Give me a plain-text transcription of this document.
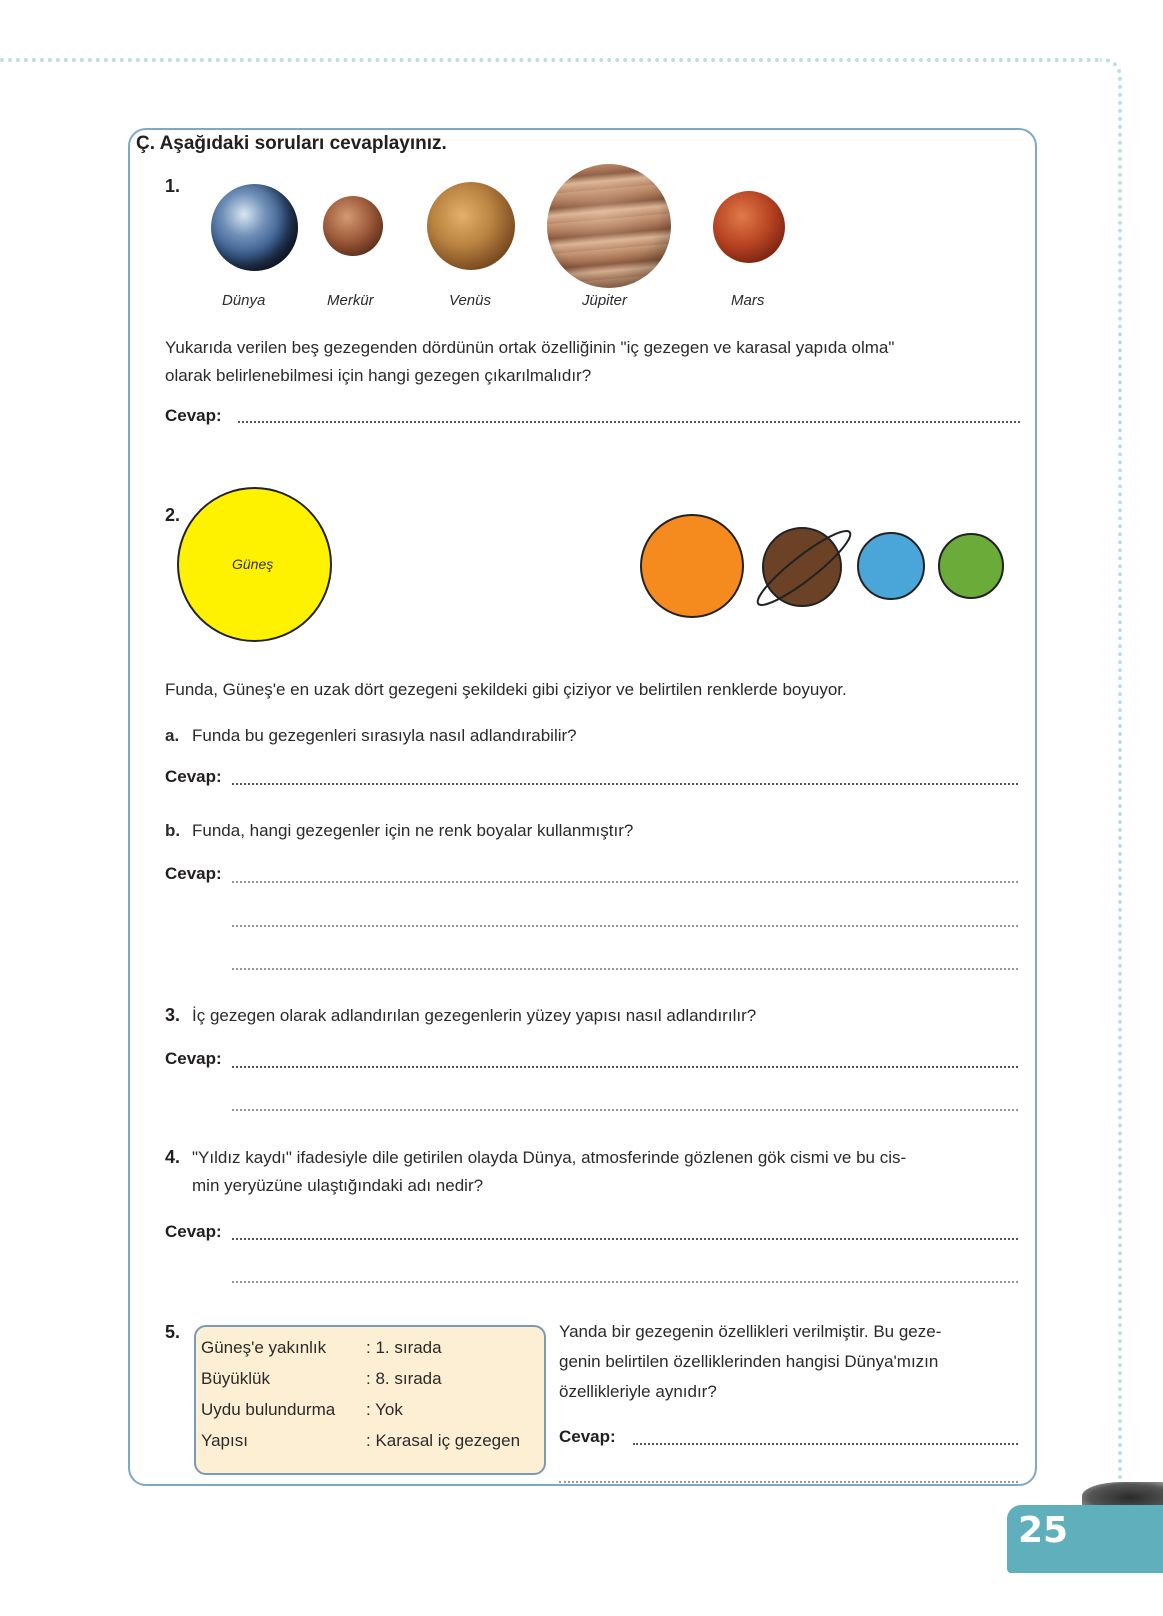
Ç. Aşağıdaki soruları cevaplayınız.
1.
Dünya	Merkür	Venüs	Jüpiter	Mars
Yukarıda verilen beş gezegenden dördünün ortak özelliğinin "iç gezegen ve karasal yapıda olma"
olarak belirlenebilmesi için hangi gezegen çıkarılmalıdır?
Cevap:
2.
Güneş
Funda, Güneş'e en uzak dört gezegeni şekildeki gibi çiziyor ve belirtilen renklerde boyuyor.
a. Funda bu gezegenleri sırasıyla nasıl adlandırabilir?
Cevap:
b. Funda, hangi gezegenler için ne renk boyalar kullanmıştır?
Cevap:
3. İç gezegen olarak adlandırılan gezegenlerin yüzey yapısı nasıl adlandırılır?
Cevap:
4. "Yıldız kaydı" ifadesiyle dile getirilen olayda Dünya, atmosferinde gözlenen gök cismi ve bu cis-
min yeryüzüne ulaştığındaki adı nedir?
Cevap:
5.
Güneş'e yakınlık : 1. sırada
Büyüklük	: 8. sırada
Uydu bulundurma : Yok
Yapısı	: Karasal iç gezegen
Yanda bir gezegenin özellikleri verilmiştir. Bu geze-
genin belirtilen özelliklerinden hangisi Dünya'mızın
özellikleriyle aynıdır?
Cevap:
25
